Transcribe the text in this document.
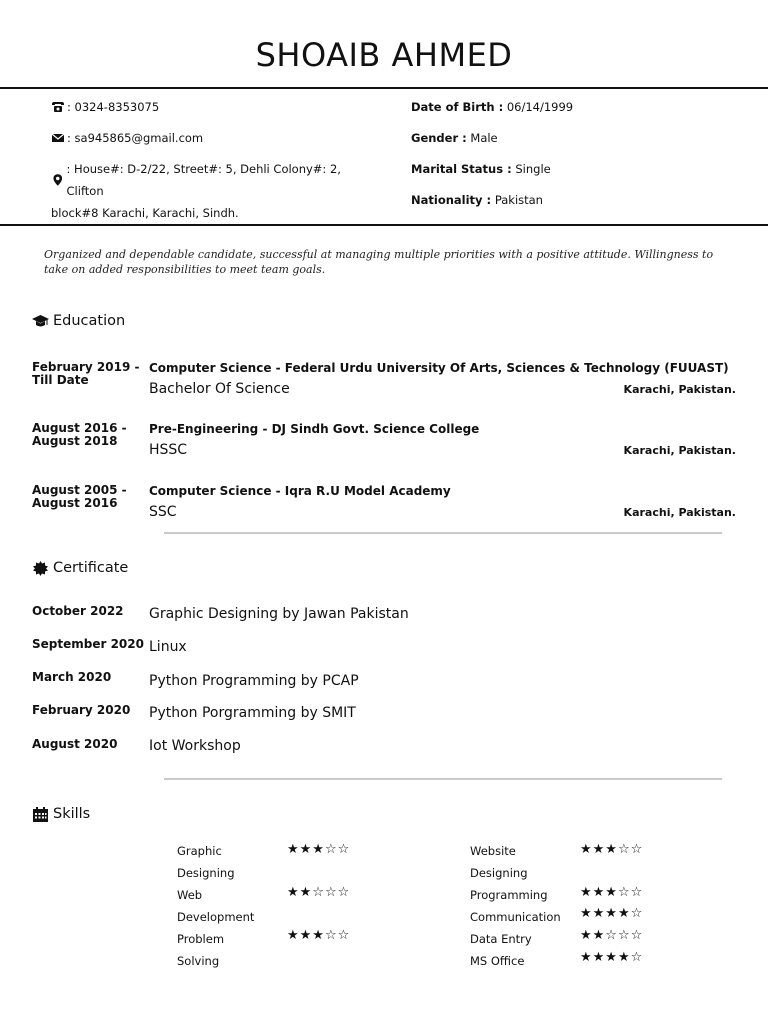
SHOAIB AHMED
: 0324-8353075
: sa945865@gmail.com
: House#: D-2/22, Street#: 5, Dehli Colony#: 2, Clifton
block#8 Karachi, Karachi, Sindh.
Date of Birth : 06/14/1999
Gender : Male
Marital Status : Single
Nationality : Pakistan
Organized and dependable candidate, successful at managing multiple priorities with a positive attitude. Willingness to take on added responsibilities to meet team goals.
Education
February 2019 -
Till Date
Computer Science - Federal Urdu University Of Arts, Sciences & Technology (FUUAST)
Bachelor Of Science	Karachi, Pakistan.
August 2016 -
August 2018
Pre-Engineering - DJ Sindh Govt. Science College
HSSC	Karachi, Pakistan.
August 2005 -
August 2016
Computer Science - Iqra R.U Model Academy
SSC	Karachi, Pakistan.
Certificate
October 2022 Graphic Designing by Jawan Pakistan
September 2020 Linux
March 2020	Python Programming by PCAP
February 2020 Python Porgramming by SMIT
August 2020 Iot Workshop
Skills
Graphic
Designing
★★★☆☆
Web
Development
★★☆☆☆
Problem
Solving
★★★☆☆
Website
Designing
★★★☆☆
Programming	★★★☆☆
Communication	★★★★☆
Data Entry	★★☆☆☆
MS Office	★★★★☆
